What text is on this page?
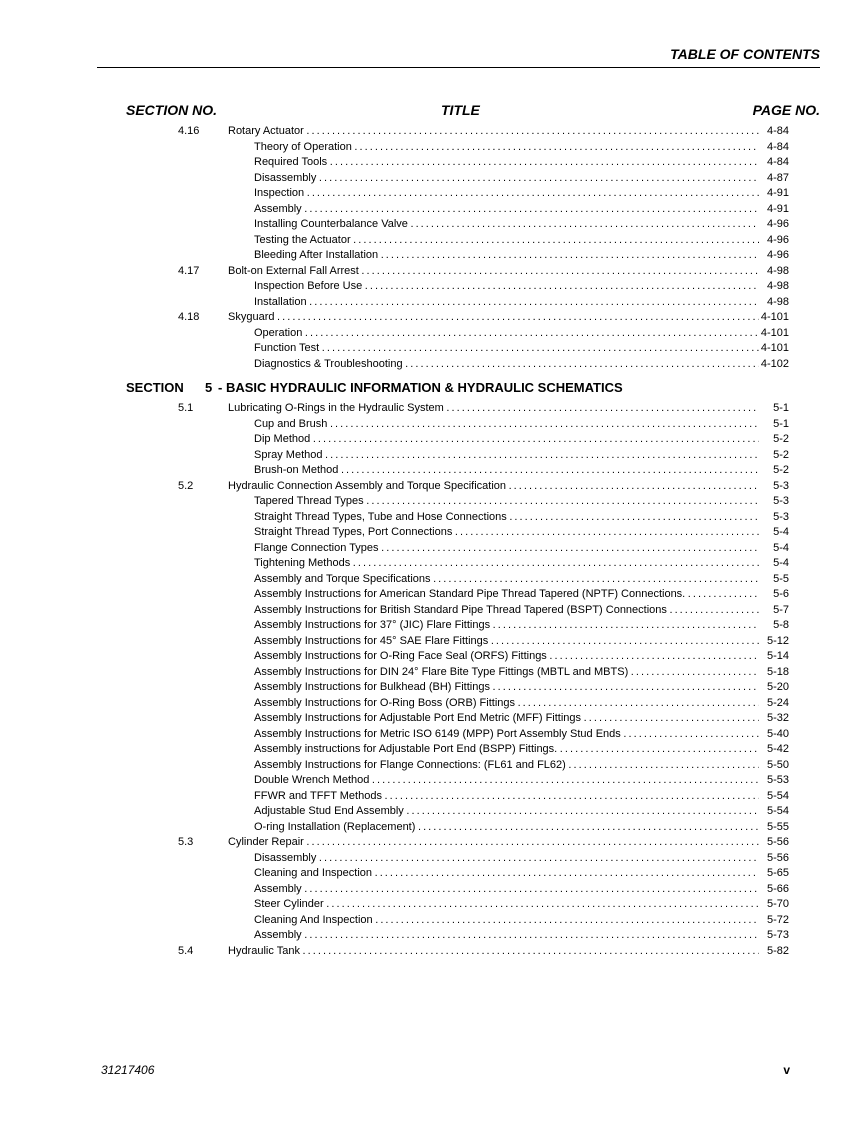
TABLE OF CONTENTS
SECTION NO.	TITLE	PAGE NO.
4.16	Rotary Actuator . . .	4-84
Theory of Operation . . .	4-84
Required Tools . . .	4-84
Disassembly . . .	4-87
Inspection . . .	4-91
Assembly . . .	4-91
Installing Counterbalance Valve . . .	4-96
Testing the Actuator . . .	4-96
Bleeding After Installation . . .	4-96
4.17	Bolt-on External Fall Arrest . . .	4-98
Inspection Before Use . . .	4-98
Installation . . .	4-98
4.18	Skyguard . . .	4-101
Operation . . .	4-101
Function Test . . .	4-101
Diagnostics & Troubleshooting . . .	4-102
SECTION 5 - BASIC HYDRAULIC INFORMATION & HYDRAULIC SCHEMATICS
5.1	Lubricating O-Rings in the Hydraulic System . . .	5-1
Cup and Brush . . .	5-1
Dip Method . . .	5-2
Spray Method . . .	5-2
Brush-on Method . . .	5-2
5.2	Hydraulic Connection Assembly and Torque Specification . . .	5-3
Tapered Thread Types . . .	5-3
Straight Thread Types, Tube and Hose Connections . . .	5-3
Straight Thread Types, Port Connections . . .	5-4
Flange Connection Types . . .	5-4
Tightening Methods . . .	5-4
Assembly and Torque Specifications . . .	5-5
Assembly Instructions for American Standard Pipe Thread Tapered (NPTF) Connections. . . .	5-6
Assembly Instructions for British Standard Pipe Thread Tapered (BSPT) Connections . . .	5-7
Assembly Instructions for 37° (JIC) Flare Fittings . . .	5-8
Assembly Instructions for 45° SAE Flare Fittings . . .	5-12
Assembly Instructions for O-Ring Face Seal (ORFS) Fittings . . .	5-14
Assembly Instructions for DIN 24° Flare Bite Type Fittings (MBTL and MBTS) . . .	5-18
Assembly Instructions for Bulkhead (BH) Fittings . . .	5-20
Assembly Instructions for O-Ring Boss (ORB) Fittings . . .	5-24
Assembly Instructions for Adjustable Port End Metric (MFF) Fittings . . .	5-32
Assembly Instructions for Metric ISO 6149 (MPP) Port Assembly Stud Ends . . .	5-40
Assembly instructions for Adjustable Port End (BSPP) Fittings. . . .	5-42
Assembly Instructions for Flange Connections: (FL61 and FL62) . . .	5-50
Double Wrench Method . . .	5-53
FFWR and TFFT Methods . . .	5-54
Adjustable Stud End Assembly . . .	5-54
O-ring Installation (Replacement) . . .	5-55
5.3	Cylinder Repair . . .	5-56
Disassembly . . .	5-56
Cleaning and Inspection . . .	5-65
Assembly . . .	5-66
Steer Cylinder . . .	5-70
Cleaning And Inspection . . .	5-72
Assembly . . .	5-73
5.4	Hydraulic Tank . . .	5-82
31217406	v
